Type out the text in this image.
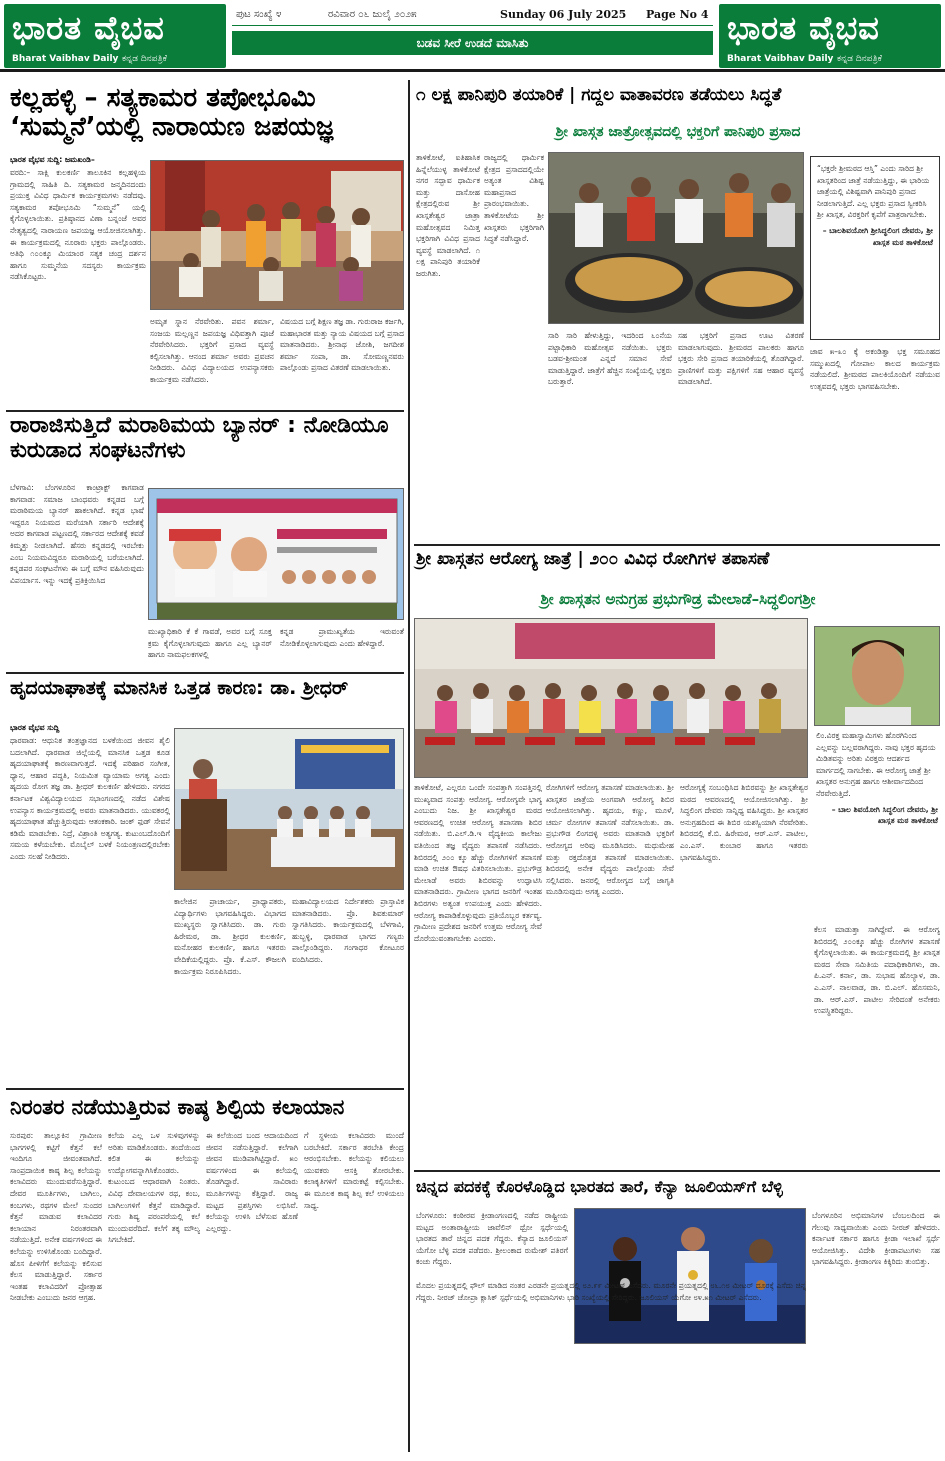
ಭಾರತ ವೈಭವ
Bharat Vaibhav Daily ಕನ್ನಡ ದಿನಪತ್ರಿಕೆ
ಪುಟ ಸಂಖ್ಯೆ ೪	ರವಿವಾರ ೦೬ ಜುಲೈ ೨೦೨೫	Sunday 06 July 2025 Page No 4
ಬಡವ ಸೀರೆ ಉಡದೆ ಮಾಸಿತು	ಭಾರತ ವೈಭವ
Bharat Vaibhav Daily ಕನ್ನಡ ದಿನಪತ್ರಿಕೆ
ಕಲ್ಲಹಳ್ಳಿ – ಸತ್ಯಕಾಮರ ತಪೋಭೂಮಿ ‘ಸುಮ್ಮನೆ’ಯಲ್ಲಿ ನಾರಾಯಣ ಜಪಯಜ್ಞ
ಭಾರತ ವೈಭವ ಸುದ್ದಿ: ಜಮಖಂಡಿ–
ವರದಿ:– ಸಾಕ್ಷಿ ಕುಲಕರ್ಣಿ ತಾಲೂಕಿನ ಕಲ್ಲಹಳ್ಳಿಯ ಗ್ರಾಮದಲ್ಲಿ ಸಾಹಿತಿ ದಿ. ಸತ್ಯಕಾಮರ ಜನ್ಮದಿನದಂದು ಪ್ರಯುಕ್ತ ವಿವಿಧ ಧಾರ್ಮಿಕ ಕಾರ್ಯಕ್ರಮಗಳು ನಡೆದವು. ಸತ್ಯಕಾಮರ ತಪೋಭೂಮಿ “ಸುಮ್ಮನೆ” ಯಲ್ಲಿ ಕೈಗೊಳ್ಳಲಾಯಿತು. ಪ್ರತಿಷ್ಠಾನದ ವಿಣಾ ಬನ್ನಂಜೆ ಅವರ ನೇತೃತ್ವದಲ್ಲಿ ನಾರಾಯಣ ಜಪಯಜ್ಞ ಆಯೋಜಿಸಲಾಗಿತ್ತು. ಈ ಕಾರ್ಯಕ್ರಮದಲ್ಲಿ ನೂರಾರು ಭಕ್ತರು ಪಾಲ್ಗೊಂಡರು. ಅತಿಥಿ ೧೦೦ಕ್ಕೂ ಮಿಯಾಂರ ಸತ್ಯಕ ಚಂದ್ರ ದರ್ಶನ ಹಾಗೂ ಸುಮ್ಮನೆಯ ಸದಸ್ಯರು ಕಾರ್ಯಕ್ರಮ ನಡೆಸಿಕೊಟ್ಟರು.
ಅಮೃತ ಸ್ನಾನ ನೆರವೇರಿತು. ಪವನ ಶರ್ಮಾ, ಸಂಜಯ ಮಲ್ಲಣ್ಣನ ಜಪಯಜ್ಞ ವಿಧಿವತ್ತಾಗಿ ಪೂಜೆ ನೆರವೇರಿಸಿದರು. ಭಕ್ತರಿಗೆ ಪ್ರಸಾದ ವ್ಯವಸ್ಥೆ ಕಲ್ಪಿಸಲಾಗಿತ್ತು. ಆನಂದ ಶರ್ಮಾ ಅವರು ಪ್ರವಚನ ನೀಡಿದರು. ವಿವಿಧ ವಿದ್ಯಾಲಯದ ಉಪನ್ಯಾಸಕರು ಕಾರ್ಯಕ್ರಮ ನಡೆಸಿದರು.
ವಿಷಯದ ಬಗ್ಗೆ ಶಿಕ್ಷಣ ತಜ್ಞ ಡಾ. ಗುರುರಾಜ ಕರ್ಜಗಿ, ಮಹಾಭಾರತ ಮತ್ತು ನ್ಯಾಯ ವಿಷಯದ ಬಗ್ಗೆ ಪ್ರಸಾದ ಮಾತನಾಡಿದರು. ಶ್ರೀನಾಥ ಜೋಶಿ, ಜಗದೀಶ ಶರ್ಮಾ ಸಂಪಾ, ಡಾ. ಸೋಮಣ್ಣನವರು ಪಾಲ್ಗೊಂಡು ಪ್ರಸಾದ ವಿತರಣೆ ಮಾಡಲಾಯಿತು.
ರಾರಾಜಿಸುತ್ತಿದೆ ಮರಾಠಿಮಯ ಬ್ಯಾನರ್ : ನೋಡಿಯೂ ಕುರುಡಾದ ಸಂಘಟನೆಗಳು
ಬೆಳಗಾವಿ: ಬೆಂಗಳೂರಿನ ಕಾಂಟ್ರಾಕ್ಟ್ ಕಾಗವಾಡ ಕಾಗವಾಡ: ಸಮಾಜ ಬಾಂಧವರು ಕನ್ನಡದ ಬಗ್ಗೆ ಮರಾಠಿಮಯ ಬ್ಯಾನರ್ ಹಾಕಲಾಗಿದೆ. ಕನ್ನಡ ಭಾಷೆ ಇದ್ದರೂ ನಿಯಮದ ಮರೆಯಾಗಿ ಸರ್ಕಾರಿ ಆದೇಶಕ್ಕೆ ಅದರ ಕಾಗವಾಡ ಪಟ್ಟಣದಲ್ಲಿ ಸರ್ಕಾರದ ಆದೇಶಕ್ಕೆ ಕವಡೆ ಕಿಮ್ಮತ್ತು ನೀಡಲಾಗಿದೆ. ಹೆಸರು ಕನ್ನಡದಲ್ಲಿ ಇರಬೇಕು ಎಂಬ ನಿಯಮವಿದ್ದರೂ ಮರಾಠಿಯಲ್ಲಿ ಬರೆಯಲಾಗಿದೆ. ಕನ್ನಡಪರ ಸಂಘಟನೆಗಳು ಈ ಬಗ್ಗೆ ಮೌನ ವಹಿಸಿರುವುದು ವಿಪರ್ಯಾಸ. ಇನ್ನು ಇದಕ್ಕೆ ಪ್ರತಿಕ್ರಿಯಿಸಿದ
ಮುಖ್ಯಾಧಿಕಾರಿ ಕೆ ಕೆ ಗಾವಡೆ, ಅವರ ಬಗ್ಗೆ ಸೂಕ್ತ ಕ್ರಮ ಕೈಗೊಳ್ಳಲಾಗುವುದು ಹಾಗೂ ಎಲ್ಲ ಬ್ಯಾನರ್ ಹಾಗೂ ನಾಮಫಲಕಗಳಲ್ಲಿ
ಕನ್ನಡ ಪ್ರಾಮುಖ್ಯತೆಯ ಇರುವಂತೆ ನೋಡಿಕೊಳ್ಳಲಾಗುವುದು ಎಂದು ಹೇಳಿದ್ದಾರೆ.
ಹೃದಯಾಘಾತಕ್ಕೆ ಮಾನಸಿಕ ಒತ್ತಡ ಕಾರಣ: ಡಾ. ಶ್ರೀಧರ್
ಭಾರತ ವೈಭವ ಸುದ್ದಿ
ಧಾರವಾಡ: ಆಧುನಿಕ ತಂತ್ರಜ್ಞಾನದ ಬಳಕೆಯಿಂದ ಜೀವನ ಶೈಲಿ ಬದಲಾಗಿದೆ. ಧಾರವಾಡ ಜಿಲ್ಲೆಯಲ್ಲಿ ಮಾನಸಿಕ ಒತ್ತಡ ಕೂಡ ಹೃದಯಾಘಾತಕ್ಕೆ ಕಾರಣವಾಗುತ್ತದೆ. ಇದಕ್ಕೆ ಪರಿಹಾರ ಸಂಗೀತ, ಧ್ಯಾನ, ಆಹಾರ ಪದ್ಧತಿ, ನಿಯಮಿತ ವ್ಯಾಯಾಮ ಅಗತ್ಯ ಎಂದು ಹೃದಯ ರೋಗ ತಜ್ಞ ಡಾ. ಶ್ರೀಧರ್ ಕುಲಕರ್ಣಿ ಹೇಳಿದರು. ನಗರದ ಕರ್ನಾಟಕ ವಿಶ್ವವಿದ್ಯಾಲಯದ ಸಭಾಂಗಣದಲ್ಲಿ ನಡೆದ ವಿಶೇಷ ಉಪನ್ಯಾಸ ಕಾರ್ಯಕ್ರಮದಲ್ಲಿ ಅವರು ಮಾತನಾಡಿದರು. ಯುವಕರಲ್ಲಿ ಹೃದಯಾಘಾತ ಹೆಚ್ಚುತ್ತಿರುವುದು ಆತಂಕಕಾರಿ. ಜಂಕ್ ಫುಡ್ ಸೇವನೆ ಕಡಿಮೆ ಮಾಡಬೇಕು. ನಿದ್ರೆ, ವಿಶ್ರಾಂತಿ ಅತ್ಯಗತ್ಯ. ಕುಟುಂಬದೊಂದಿಗೆ ಸಮಯ ಕಳೆಯಬೇಕು. ಮೊಬೈಲ್ ಬಳಕೆ ನಿಯಂತ್ರಣದಲ್ಲಿರಬೇಕು ಎಂದು ಸಲಹೆ ನೀಡಿದರು.
ಕಾಲೇಜಿನ ಪ್ರಾಚಾರ್ಯ, ಪ್ರಾಧ್ಯಾಪಕರು, ವಿದ್ಯಾರ್ಥಿಗಳು ಭಾಗವಹಿಸಿದ್ದರು. ವಿಭಾಗದ ಮುಖ್ಯಸ್ಥರು ಸ್ವಾಗತಿಸಿದರು. ಡಾ. ಗುರು ಹಿರೇಮಠ, ಡಾ. ಶ್ರೀಧರ ಕುಲಕರ್ಣಿ, ಮನೋಹರ ಕುಲಕರ್ಣಿ, ಹಾಗೂ ಇತರರು ವೇದಿಕೆಯಲ್ಲಿದ್ದರು. ಪ್ರೊ. ಕೆ.ಎಸ್. ಕೌಜಲಗಿ ಕಾರ್ಯಕ್ರಮ ನಿರೂಪಿಸಿದರು.
ಮಹಾವಿದ್ಯಾಲಯದ ನಿರ್ದೇಶಕರು ಪ್ರಾಸ್ತಾವಿಕ ಮಾತನಾಡಿದರು. ಪ್ರೊ. ಶಿವಕುಮಾರ್ ಸ್ವಾಗತಿಸಿದರು. ಕಾರ್ಯಕ್ರಮದಲ್ಲಿ ಬೆಳಗಾವಿ, ಹುಬ್ಬಳ್ಳಿ, ಧಾರವಾಡ ಭಾಗದ ಗಣ್ಯರು ಪಾಲ್ಗೊಂಡಿದ್ದರು. ಗಂಗಾಧರ ಕೋಟೂರ ವಂದಿಸಿದರು.
ನಿರಂತರ ನಡೆಯುತ್ತಿರುವ ಕಾಷ್ಠ ಶಿಲ್ಪಿಯ ಕಲಾಯಾನ
ಸುರಪುರ: ತಾಲ್ಲೂಕಿನ ಗ್ರಾಮೀಣ ಭಾಗಗಳಲ್ಲಿ ಕಟ್ಟಿಗೆ ಕೆತ್ತನೆ ಕಲೆ ಇಂದಿಗೂ ಜೀವಂತವಾಗಿದೆ. ಸಾಂಪ್ರದಾಯಿಕ ಕಾಷ್ಠ ಶಿಲ್ಪ ಕಲೆಯನ್ನು ಕಲಾವಿದರು ಮುಂದುವರೆಸುತ್ತಿದ್ದಾರೆ. ದೇವರ ಮೂರ್ತಿಗಳು, ಬಾಗಿಲು, ಕಂಬಗಳು, ರಥಗಳ ಮೇಲೆ ಸುಂದರ ಕೆತ್ತನೆ ಮಾಡುವ ಕಲಾವಿದರ ಕಲಾಯಾನ ನಿರಂತರವಾಗಿ ನಡೆಯುತ್ತಿದೆ. ಅನೇಕ ವರ್ಷಗಳಿಂದ ಈ ಕಲೆಯನ್ನು ಉಳಿಸಿಕೊಂಡು ಬಂದಿದ್ದಾರೆ. ಹೊಸ ಪೀಳಿಗೆಗೆ ಕಲೆಯನ್ನು ಕಲಿಸುವ ಕೆಲಸ ಮಾಡುತ್ತಿದ್ದಾರೆ. ಸರ್ಕಾರ ಇಂತಹ ಕಲಾವಿದರಿಗೆ ಪ್ರೋತ್ಸಾಹ ನೀಡಬೇಕು ಎಂಬುದು ಜನರ ಆಗ್ರಹ.
ಕಲೆಯ ಎಲ್ಲ ಒಳ ಸುಳಿವುಗಳನ್ನು ಅರಿತು ಮಾಡಿಕೊಂಡರು. ತಂದೆಯಿಂದ ಕಲಿತ ಈ ಕಲೆಯನ್ನು ಉದ್ಯೋಗವನ್ನಾಗಿಸಿಕೊಂಡರು. ಕುಟುಂಬದ ಆಧಾರವಾಗಿ ನಿಂತರು. ವಿವಿಧ ದೇವಾಲಯಗಳ ರಥ, ಕಂಬ, ಬಾಗಿಲುಗಳಿಗೆ ಕೆತ್ತನೆ ಮಾಡಿದ್ದಾರೆ. ಗುರು ಶಿಷ್ಯ ಪರಂಪರೆಯಲ್ಲಿ ಕಲೆ ಮುಂದುವರೆದಿದೆ. ಕಲೆಗೆ ತಕ್ಕ ಮೌಲ್ಯ ಸಿಗಬೇಕಿದೆ.
ಈ ಕಲೆಯಿಂದ ಬಂದ ಆದಾಯದಿಂದ ಜೀವನ ನಡೆಸುತ್ತಿದ್ದಾರೆ. ಕಲೆಗಾಗಿ ಜೀವನ ಮುಡಿಪಾಗಿಟ್ಟಿದ್ದಾರೆ. ೫೦ ವರ್ಷಗಳಿಂದ ಈ ಕಲೆಯಲ್ಲಿ ತೊಡಗಿದ್ದಾರೆ. ಸಾವಿರಾರು ಮೂರ್ತಿಗಳನ್ನು ಕೆತ್ತಿದ್ದಾರೆ. ರಾಜ್ಯ ಮಟ್ಟದ ಪ್ರಶಸ್ತಿಗಳು ಲಭಿಸಿವೆ. ಕಲೆಯನ್ನು ಉಳಿಸಿ ಬೆಳೆಸುವ ಹೊಣೆ ಎಲ್ಲರದ್ದು.
ಗೆ ಸ್ಥಳೀಯ ಕಲಾವಿದರು ಮುಂದೆ ಬರಬೇಕಿದೆ. ಸರ್ಕಾರ ತರಬೇತಿ ಕೇಂದ್ರ ಆರಂಭಿಸಬೇಕು. ಕಲೆಯನ್ನು ಕಲಿಯಲು ಯುವಕರು ಆಸಕ್ತಿ ತೋರಬೇಕು. ಕಲಾಕೃತಿಗಳಿಗೆ ಮಾರುಕಟ್ಟೆ ಕಲ್ಪಿಸಬೇಕು. ಈ ಮೂಲಕ ಕಾಷ್ಠ ಶಿಲ್ಪ ಕಲೆ ಉಳಿಯಲು ಸಾಧ್ಯ.
೧ ಲಕ್ಷ ಪಾನಿಪುರಿ ತಯಾರಿಕೆ | ಗದ್ದಲ ವಾತಾವರಣ ತಡೆಯಲು ಸಿದ್ಧತೆ
ಶ್ರೀ ಖಾಸ್ಗತ ಜಾತ್ರೋತ್ಸವದಲ್ಲಿ ಭಕ್ತರಿಗೆ ಪಾನಿಪುರಿ ಪ್ರಸಾದ
ತಾಳಿಕೋಟೆ, ಐತಿಹಾಸಿಕ ಹಿನ್ನೆಲೆಯುಳ್ಳ ತಾಳಿಕೋಟೆ ನಗರ ಸದ್ಭಾವ ಧಾರ್ಮಿಕ ಮತ್ತು ದಾಸೋಹ ಕ್ಷೇತ್ರದಲ್ಲಿರುವ ಶ್ರೀ ಖಾಸ್ಗತೇಶ್ವರ ಜಾತ್ರಾ ಮಹೋತ್ಸವದ ನಿಮಿತ್ತ ಭಕ್ತರಿಗಾಗಿ ವಿವಿಧ ಪ್ರಸಾದ ವ್ಯವಸ್ಥೆ ಮಾಡಲಾಗಿದೆ. ೧ ಲಕ್ಷ ಪಾನಿಪುರಿ ತಯಾರಿಕೆ ಜರುಗಿತು.
ರಾಜ್ಯದಲ್ಲಿ ಧಾರ್ಮಿಕ ಕ್ಷೇತ್ರದ ಪ್ರಸಾದದಲ್ಲಿಯೇ ಅತ್ಯಂತ ವಿಶಿಷ್ಟ ಮಹಾಪ್ರಸಾದ ಪ್ರಾರಂಭವಾಯಿತು. ತಾಳಿಕೋಟೆಯ ಶ್ರೀ ಖಾಸ್ಗತರು ಭಕ್ತರಿಗಾಗಿ ಸಿದ್ಧತೆ ನಡೆಸಿದ್ದಾರೆ.
“ಭಕ್ತರೇ ಶ್ರೀಮಠದ ಆಸ್ತಿ” ಎಂದು ಸಾರಿದ ಶ್ರೀ ಖಾಸ್ಗತರಿಂದ ಜಾತ್ರೆ ನಡೆಯುತ್ತಿದ್ದು, ಈ ಭಾರಿಯ ಜಾತ್ರೆಯಲ್ಲಿ ವಿಶಿಷ್ಟವಾಗಿ ಪಾನಿಪುರಿ ಪ್ರಸಾದ ನೀಡಲಾಗುತ್ತಿದೆ. ಎಲ್ಲ ಭಕ್ತರು ಪ್ರಸಾದ ಸ್ವೀಕರಿಸಿ ಶ್ರೀ ಖಾಸ್ಗತ, ವಿರಕ್ತರಿಗೆ ಕೃಪೆಗೆ ಪಾತ್ರರಾಗಬೇಕು.
– ಬಾಲಶಿವಯೋಗಿ ಶ್ರೀಸಿದ್ಧಲಿಂಗ ದೇವರು, ಶ್ರೀ ಖಾಸ್ಗತ ಮಠ ತಾಳಿಕೋಟೆ
ಸಾರಿ ಸಾರಿ ಹೇಳುತ್ತಿದ್ದು, ಇದರಿಂದ ೬೦ನೆಯ ಪಟ್ಟಾಧಿಕಾರಿ ಮಹೋತ್ಸವ ನಡೆಯಿತು. ಭಕ್ತರು ಬಡವ-ಶ್ರೀಮಂತ ಎನ್ನದೆ ಸಮಾನ ಸೇವೆ ಮಾಡುತ್ತಿದ್ದಾರೆ. ಜಾತ್ರೆಗೆ ಹೆಚ್ಚಿನ ಸಂಖ್ಯೆಯಲ್ಲಿ ಭಕ್ತರು ಬರುತ್ತಾರೆ.
ಸಹ ಭಕ್ತರಿಗೆ ಪ್ರಸಾದ ಊಟ ವಿತರಣೆ ಮಾಡಲಾಗುವುದು. ಶ್ರೀಮಠದ ಪಾಲಕರು ಹಾಗೂ ಭಕ್ತರು ಸೇರಿ ಪ್ರಸಾದ ತಯಾರಿಕೆಯಲ್ಲಿ ತೊಡಗಿದ್ದಾರೆ. ಪ್ರಾಣಿಗಳಿಗೆ ಮತ್ತು ಪಕ್ಷಿಗಳಿಗೆ ಸಹ ಆಹಾರ ವ್ಯವಸ್ಥೆ ಮಾಡಲಾಗಿದೆ.
ಜಾವ ೫–೩೦ ಕ್ಕೆ ಅಕಂಡಿತ್ವಾ ಭಕ್ತ ಸಮೂಹದ ಸಮ್ಮುಖದಲ್ಲಿ ಗೋಪಾಲ ಕಾಲದ ಕಾರ್ಯಕ್ರಮ ನಡೆಯಲಿದೆ. ಶ್ರೀಮಠದ ಪಾಲಕಿಯೊಂದಿಗೆ ನಡೆಯುವ ಉತ್ಸವದಲ್ಲಿ ಭಕ್ತರು ಭಾಗವಹಿಸಬೇಕು.
ಶ್ರೀ ಖಾಸ್ಗತನ ಆರೋಗ್ಯ ಜಾತ್ರೆ | ೨೦೦ ವಿವಿಧ ರೋಗಿಗಳ ತಪಾಸಣೆ
ಶ್ರೀ ಖಾಸ್ಗತನ ಅನುಗ್ರಹ ಪ್ರಭುಗೌಡ್ರ ಮೇಲಾಡೆ–ಸಿದ್ಧಲಿಂಗಶ್ರೀ
ಲಿಂ.ವಿರಕ್ತ ಮಹಾಸ್ವಾಮಿಗಳು ಹೊರಗಿನಿಂದ ಎಲ್ಲವನ್ನು ಬಲ್ಲವರಾಗಿದ್ದರು. ನಾವು ಭಕ್ತರ ಹೃದಯ ಮಿಡಿತವನ್ನು ಅರಿತು ವಿರಕ್ತರು ಆದರ್ಶದ ಮಾರ್ಗದಲ್ಲಿ ಸಾಗಬೇಕು. ಈ ಆರೋಗ್ಯ ಜಾತ್ರೆ ಶ್ರೀ ಖಾಸ್ಗತರ ಅನುಗ್ರಹ ಹಾಗೂ ಆಶೀರ್ವಾದದಿಂದ ನೆರವೇರುತ್ತಿದೆ.
– ಬಾಲ ಶಿವಯೋಗಿ ಸಿದ್ಧಲಿಂಗ ದೇವರು, ಶ್ರೀ ಖಾಸ್ಗತ ಮಠ ತಾಳಿಕೋಟೆ
ತಾಳಿಕೋಟೆ, ಎಲ್ಲರೂ ಒಂದೇ ಸಂಪತ್ತಾಗಿ ಸಂಪತ್ತಿನಲ್ಲಿ ಮುಖ್ಯವಾದ ಸಂಪತ್ತು ಆರೋಗ್ಯ. ಆರೋಗ್ಯವೇ ಭಾಗ್ಯ ಎಂಬುದು ನಿಜ. ಶ್ರೀ ಖಾಸ್ಗತೇಶ್ವರ ಮಠದ ಆವರಣದಲ್ಲಿ ಉಚಿತ ಆರೋಗ್ಯ ತಪಾಸಣಾ ಶಿಬಿರ ನಡೆಯಿತು. ಬಿ.ಎಲ್.ಡಿ.ಇ ವೈದ್ಯಕೀಯ ಕಾಲೇಜು ವತಿಯಿಂದ ತಜ್ಞ ವೈದ್ಯರು ತಪಾಸಣೆ ನಡೆಸಿದರು. ಶಿಬಿರದಲ್ಲಿ ೨೦೦ ಕ್ಕೂ ಹೆಚ್ಚು ರೋಗಿಗಳಿಗೆ ತಪಾಸಣೆ ಮಾಡಿ ಉಚಿತ ಔಷಧ ವಿತರಿಸಲಾಯಿತು. ಪ್ರಭುಗೌಡ್ರ ಮೇಲಾಡೆ ಅವರು ಶಿಬಿರವನ್ನು ಉದ್ಘಾಟಿಸಿ ಮಾತನಾಡಿದರು. ಗ್ರಾಮೀಣ ಭಾಗದ ಜನರಿಗೆ ಇಂತಹ ಶಿಬಿರಗಳು ಅತ್ಯಂತ ಉಪಯುಕ್ತ ಎಂದು ಹೇಳಿದರು. ಆರೋಗ್ಯ ಕಾಪಾಡಿಕೊಳ್ಳುವುದು ಪ್ರತಿಯೊಬ್ಬರ ಕರ್ತವ್ಯ. ಗ್ರಾಮೀಣ ಪ್ರದೇಶದ ಜನರಿಗೆ ಉತ್ತಮ ಆರೋಗ್ಯ ಸೇವೆ ದೊರೆಯುವಂತಾಗಬೇಕು ಎಂದರು.
ರೋಗಿಗಳಿಗೆ ಆರೋಗ್ಯ ತಪಾಸಣೆ ಮಾಡಲಾಯಿತು. ಶ್ರೀ ಖಾಸ್ಗತರ ಜಾತ್ರೆಯ ಅಂಗವಾಗಿ ಆರೋಗ್ಯ ಶಿಬಿರ ಆಯೋಜಿಸಲಾಗಿತ್ತು. ಹೃದಯ, ಕಣ್ಣು, ಮೂಳೆ, ಚರ್ಮ ರೋಗಗಳ ತಪಾಸಣೆ ನಡೆಸಲಾಯಿತು. ಡಾ. ಪ್ರಭುಗೌಡ ಲಿಂಗದಳ್ಳಿ ಅವರು ಮಾತನಾಡಿ ಭಕ್ತರಿಗೆ ಆರೋಗ್ಯದ ಅರಿವು ಮೂಡಿಸಿದರು. ಮಧುಮೇಹ ಮತ್ತು ರಕ್ತದೊತ್ತಡ ತಪಾಸಣೆ ಮಾಡಲಾಯಿತು. ಶಿಬಿರದಲ್ಲಿ ಅನೇಕ ವೈದ್ಯರು ಪಾಲ್ಗೊಂಡು ಸೇವೆ ಸಲ್ಲಿಸಿದರು. ಜನರಲ್ಲಿ ಆರೋಗ್ಯದ ಬಗ್ಗೆ ಜಾಗೃತಿ ಮೂಡಿಸುವುದು ಅಗತ್ಯ ಎಂದರು.
ಆರೋಗ್ಯಕ್ಕೆ ಸಂಬಂಧಿಸಿದ ಶಿಬಿರವನ್ನು ಶ್ರೀ ಖಾಸ್ಗತೇಶ್ವರ ಮಠದ ಆವರಣದಲ್ಲಿ ಆಯೋಜಿಸಲಾಗಿತ್ತು. ಶ್ರೀ ಸಿದ್ಧಲಿಂಗ ದೇವರು ಸಾನ್ನಿಧ್ಯ ವಹಿಸಿದ್ದರು. ಶ್ರೀ ಖಾಸ್ಗತರ ಅನುಗ್ರಹದಿಂದ ಈ ಶಿಬಿರ ಯಶಸ್ವಿಯಾಗಿ ನೆರವೇರಿತು. ಶಿಬಿರದಲ್ಲಿ ಕೆ.ಬಿ. ಹಿರೇಮಠ, ಆರ್.ಎಸ್. ಪಾಟೀಲ, ಎಂ.ಎಸ್. ಕುಂಬಾರ ಹಾಗೂ ಇತರರು ಭಾಗವಹಿಸಿದ್ದರು.
ಕೆಲಸ ಮಾಡುತ್ತಾ ಸಾಗಿದ್ದೇವೆ. ಈ ಆರೋಗ್ಯ ಶಿಬಿರದಲ್ಲಿ ೨೦೦ಕ್ಕೂ ಹೆಚ್ಚು ರೋಗಿಗಳ ತಪಾಸಣೆ ಕೈಗೊಳ್ಳಲಾಯಿತು. ಈ ಕಾರ್ಯಕ್ರಮದಲ್ಲಿ ಶ್ರೀ ಖಾಸ್ಗತ ಮಠದ ಸೇವಾ ಸಮಿತಿಯ ಪದಾಧಿಕಾರಿಗಳು, ಡಾ. ಪಿ.ಎನ್. ಕರ್ನಾ, ಡಾ. ಸುಭಾಷ ಹೊಲ್ಯಾಳ, ಡಾ. ಎ.ಎಸ್. ನಾಲವಾಡ, ಡಾ. ಬಿ.ಎಲ್. ಹೊಸಮನಿ, ಡಾ. ಆರ್.ಎಸ್. ಪಾಟೀಲ ಸೇರಿದಂತೆ ಅನೇಕರು ಉಪಸ್ಥಿತರಿದ್ದರು.
ಚಿನ್ನದ ಪದಕಕ್ಕೆ ಕೊರಳೊಡ್ಡಿದ ಭಾರತದ ತಾರೆ, ಕೆನ್ಯಾ ಜೂಲಿಯಸ್‌ಗೆ ಬೆಳ್ಳಿ
ಬೆಂಗಳೂರು: ಕಂಠೀರವ ಕ್ರೀಡಾಂಗಣದಲ್ಲಿ ನಡೆದ ರಾಷ್ಟ್ರೀಯ ಮಟ್ಟದ ಅಂತಾರಾಷ್ಟ್ರೀಯ ಜಾವೆಲಿನ್ ಥ್ರೋ ಸ್ಪರ್ಧೆಯಲ್ಲಿ ಭಾರತದ ತಾರೆ ಚಿನ್ನದ ಪದಕ ಗೆದ್ದರು. ಕೆನ್ಯಾದ ಜೂಲಿಯಸ್ ಯೆಗೋ ಬೆಳ್ಳಿ ಪದಕ ಪಡೆದರು. ಶ್ರೀಲಂಕಾದ ರುಮೇಶ್ ಪತಿರಗೆ ಕಂಚು ಗೆದ್ದರು.
ಮೊದಲ ಪ್ರಯತ್ನದಲ್ಲಿ ಫೌಲ್ ಮಾಡಿದ ನಂತರ ಎರಡನೇ ಪ್ರಯತ್ನದಲ್ಲಿ ೮೨.೯೯ ಮೀಟರ್ ಎಸೆದರು. ಮೂರನೇ ಪ್ರಯತ್ನದಲ್ಲಿ ೮೬.೧೮ ಮೀಟರ್ ದೂರಕ್ಕೆ ಎಸೆದು ಚಿನ್ನ ಗೆದ್ದರು. ನೀರಜ್ ಚೋಪ್ರಾ ಕ್ಲಾಸಿಕ್ ಸ್ಪರ್ಧೆಯಲ್ಲಿ ಅಭಿಮಾನಿಗಳು ಭಾರಿ ಸಂಖ್ಯೆಯಲ್ಲಿ ಸೇರಿದ್ದರು. ಜೂಲಿಯಸ್ ಯೆಗೋ ೮೪.೫೧ ಮೀಟರ್ ಎಸೆದರು.
ಬೆಂಗಳೂರಿನ ಅಭಿಮಾನಿಗಳ ಬೆಂಬಲದಿಂದ ಈ ಗೆಲುವು ಸಾಧ್ಯವಾಯಿತು ಎಂದು ನೀರಜ್ ಹೇಳಿದರು. ಕರ್ನಾಟಕ ಸರ್ಕಾರ ಹಾಗೂ ಕ್ರೀಡಾ ಇಲಾಖೆ ಸ್ಪರ್ಧೆ ಆಯೋಜಿಸಿತ್ತು. ವಿದೇಶಿ ಕ್ರೀಡಾಪಟುಗಳು ಸಹ ಭಾಗವಹಿಸಿದ್ದರು. ಕ್ರೀಡಾಂಗಣ ಕಿಕ್ಕಿರಿದು ತುಂಬಿತ್ತು.
